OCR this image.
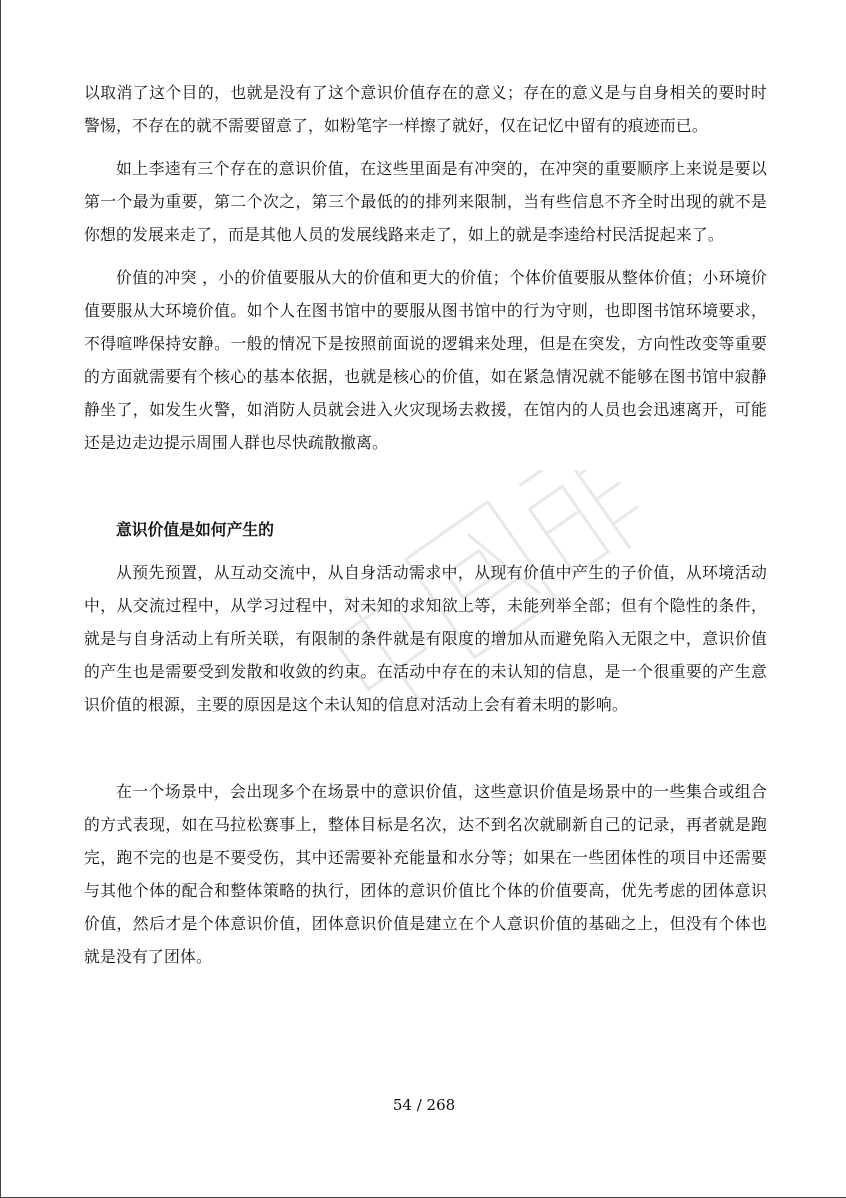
以取消了这个目的，也就是没有了这个意识价值存在的意义；存在的意义是与自身相关的要时时警惕，不存在的就不需要留意了，如粉笔字一样擦了就好，仅在记忆中留有的痕迹而已。

如上李逵有三个存在的意识价值，在这些里面是有冲突的，在冲突的重要顺序上来说是要以第一个最为重要，第二个次之，第三个最低的的排列来限制，当有些信息不齐全时出现的就不是你想的发展来走了，而是其他人员的发展线路来走了，如上的就是李逵给村民活捉起来了。

价值的冲突 ，小的价值要服从大的价值和更大的价值；个体价值要服从整体价值；小环境价值要服从大环境价值。如个人在图书馆中的要服从图书馆中的行为守则，也即图书馆环境要求，不得喧哗保持安静。一般的情况下是按照前面说的逻辑来处理，但是在突发，方向性改变等重要的方面就需要有个核心的基本依据，也就是核心的价值，如在紧急情况就不能够在图书馆中寂静静坐了，如发生火警，如消防人员就会进入火灾现场去救援，在馆内的人员也会迅速离开，可能还是边走边提示周围人群也尽快疏散撤离。

意识价值是如何产生的

从预先预置，从互动交流中，从自身活动需求中，从现有价值中产生的子价值，从环境活动中，从交流过程中，从学习过程中，对未知的求知欲上等，未能列举全部；但有个隐性的条件，就是与自身活动上有所关联，有限制的条件就是有限度的增加从而避免陷入无限之中，意识价值的产生也是需要受到发散和收敛的约束。在活动中存在的未认知的信息，是一个很重要的产生意识价值的根源，主要的原因是这个未认知的信息对活动上会有着未明的影响。

在一个场景中，会出现多个在场景中的意识价值，这些意识价值是场景中的一些集合或组合的方式表现，如在马拉松赛事上，整体目标是名次，达不到名次就刷新自己的记录，再者就是跑完，跑不完的也是不要受伤，其中还需要补充能量和水分等；如果在一些团体性的项目中还需要与其他个体的配合和整体策略的执行，团体的意识价值比个体的价值要高，优先考虑的团体意识价值，然后才是个体意识价值，团体意识价值是建立在个人意识价值的基础之上，但没有个体也就是没有了团体。

54 / 268
